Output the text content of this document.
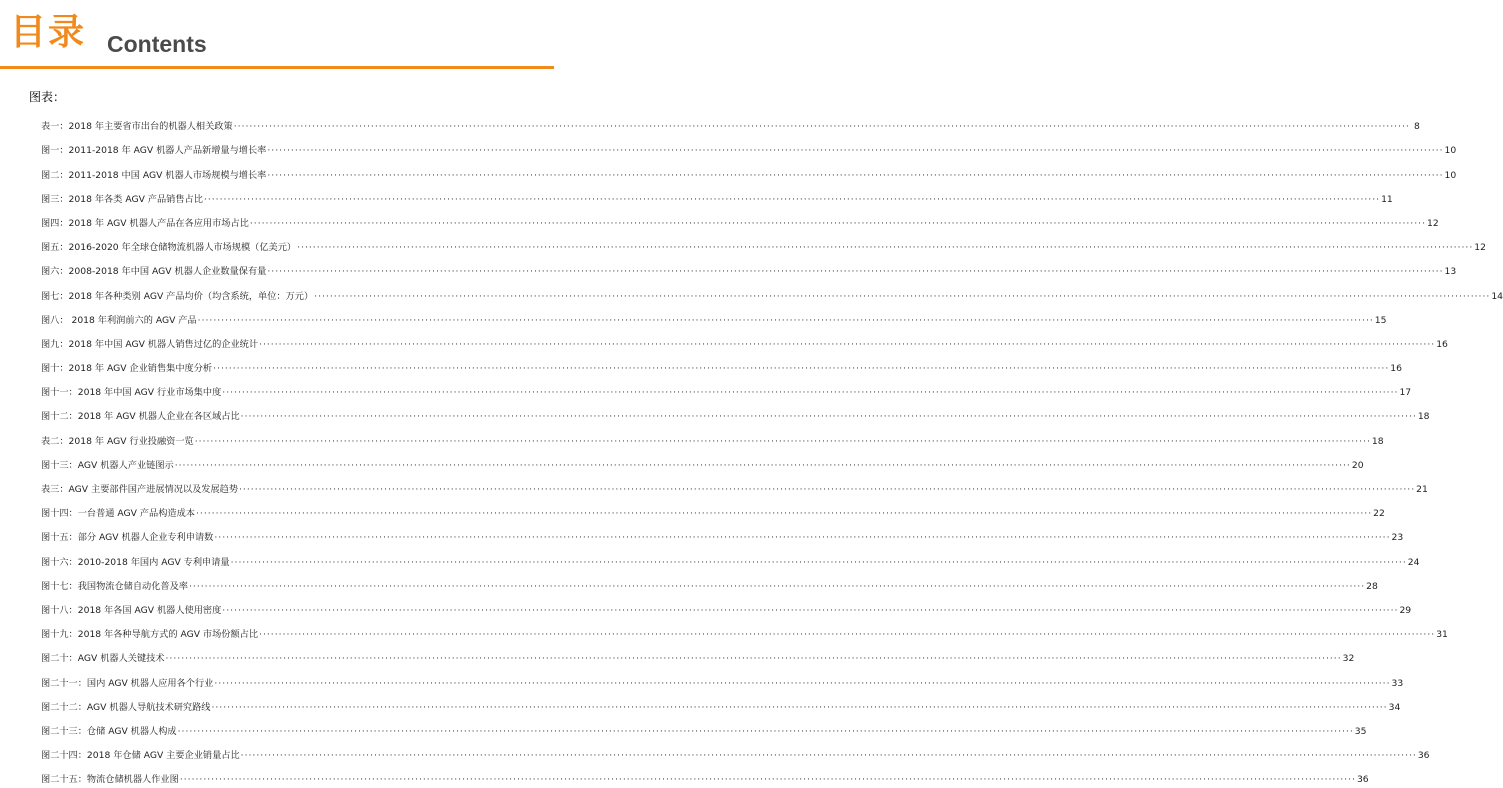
目录 Contents
图表：
表一：2018 年主要省市出台的机器人相关政策 ············································································································································································································································································································ 8
图一：2011-2018 年 AGV 机器人产品新增量与增长率 ············································································································································································································································································································ 10
图二：2011-2018 中国 AGV 机器人市场规模与增长率 ············································································································································································································································································································ 10
图三：2018 年各类 AGV 产品销售占比 ············································································································································································································································································································ 11
图四：2018 年 AGV 机器人产品在各应用市场占比 ············································································································································································································································································································ 12
图五：2016-2020 年全球仓储物流机器人市场规模（亿美元） ············································································································································································································································································································ 12
图六：2008-2018 年中国 AGV 机器人企业数量保有量 ············································································································································································································································································································ 13
图七：2018 年各种类别 AGV 产品均价（均含系统，单位：万元） ············································································································································································································································································································ 14
图八： 2018 年利润前六的 AGV 产品 ············································································································································································································································································································ 15
图九：2018 年中国 AGV 机器人销售过亿的企业统计 ············································································································································································································································································································ 16
图十：2018 年 AGV 企业销售集中度分析 ············································································································································································································································································································ 16
图十一：2018 年中国 AGV 行业市场集中度 ············································································································································································································································································································ 17
图十二：2018 年 AGV 机器人企业在各区域占比 ············································································································································································································································································································ 18
表二：2018 年 AGV 行业投融资一览 ············································································································································································································································································································ 18
图十三：AGV 机器人产业链图示 ············································································································································································································································································································ 20
表三：AGV 主要部件国产进展情况以及发展趋势 ············································································································································································································································································································ 21
图十四：一台普通 AGV 产品构造成本 ············································································································································································································································································································ 22
图十五：部分 AGV 机器人企业专利申请数 ············································································································································································································································································································ 23
图十六：2010-2018 年国内 AGV 专利申请量 ············································································································································································································································································································ 24
图十七：我国物流仓储自动化普及率 ············································································································································································································································································································ 28
图十八：2018 年各国 AGV 机器人使用密度 ············································································································································································································································································································ 29
图十九：2018 年各种导航方式的 AGV 市场份额占比 ············································································································································································································································································································ 31
图二十：AGV 机器人关键技术 ············································································································································································································································································································ 32
图二十一：国内 AGV 机器人应用各个行业 ············································································································································································································································································································ 33
图二十二：AGV 机器人导航技术研究路线 ············································································································································································································································································································ 34
图二十三：仓储 AGV 机器人构成 ············································································································································································································································································································ 35
图二十四：2018 年仓储 AGV 主要企业销量占比 ············································································································································································································································································································ 36
图二十五：物流仓储机器人作业图 ············································································································································································································································································································ 36
